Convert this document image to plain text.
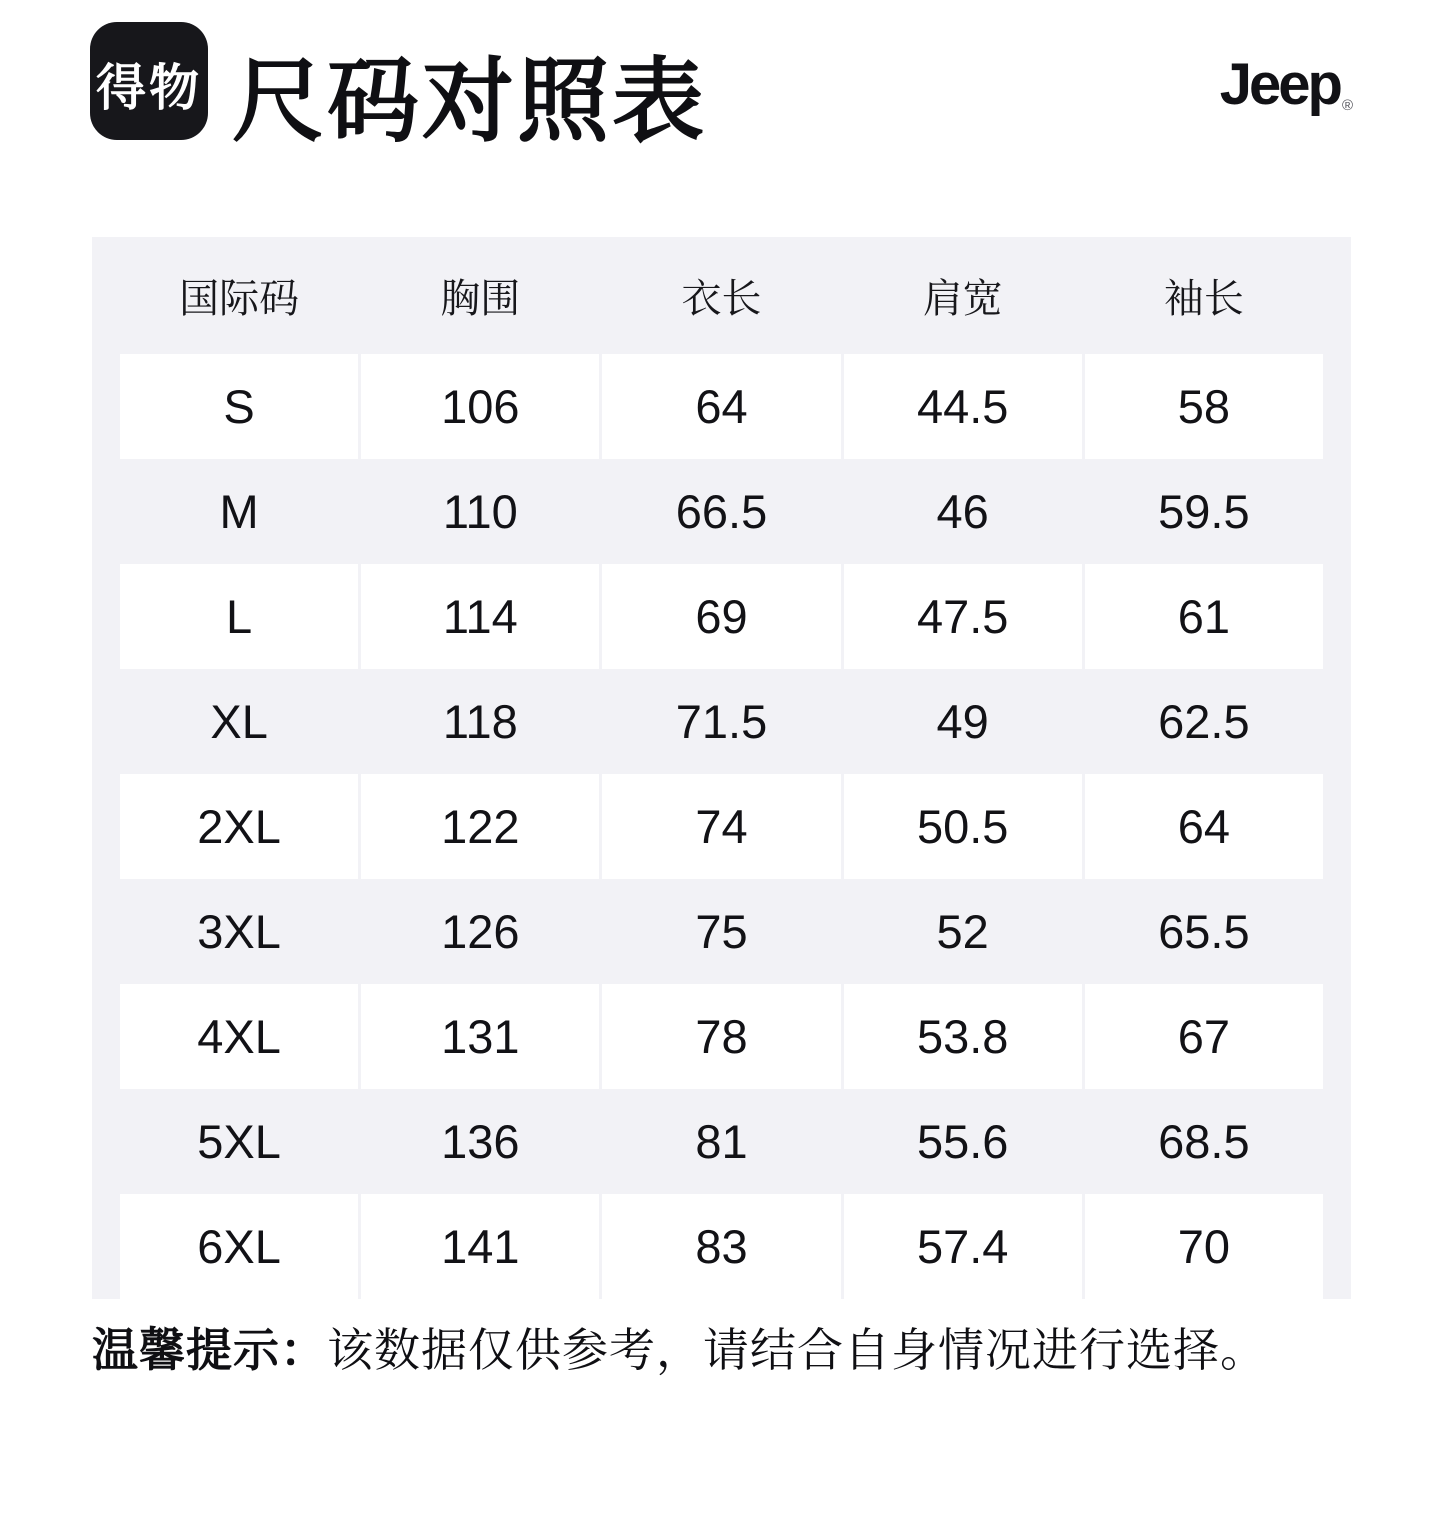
得物 尺码对照表	Jeep ®
国际码	胸围	衣长	肩宽	袖长
S	106	64	44.5	58
M	110	66.5	46	59.5
L	114	69	47.5	61
XL	118	71.5	49	62.5
2XL	122	74	50.5	64
3XL	126	75	52	65.5
4XL	131	78	53.8	67
5XL	136	81	55.6	68.5
6XL	141	83	57.4	70

温馨提示：该数据仅供参考，请结合自身情况进行选择。
